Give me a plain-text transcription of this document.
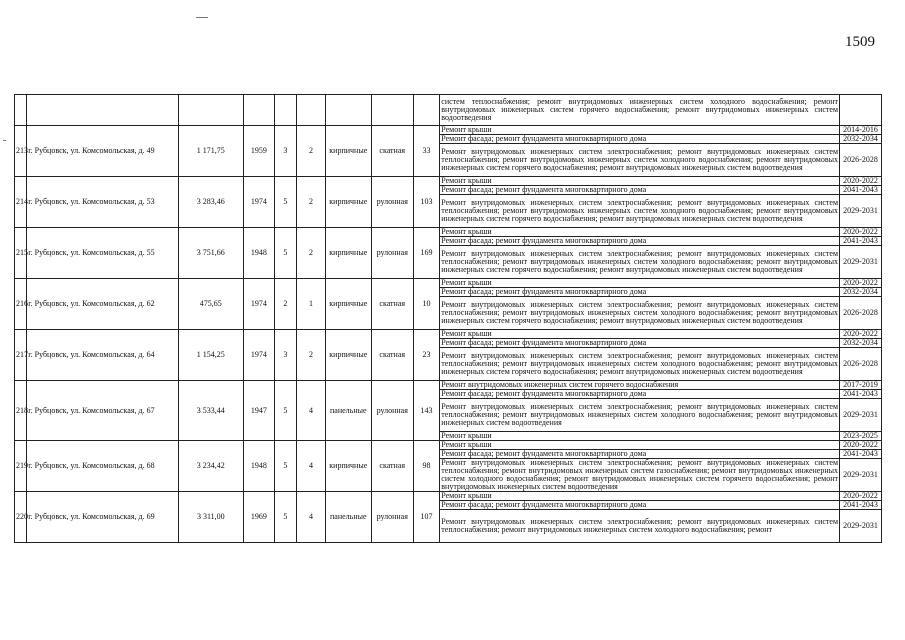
1509
									систем теплоснабжения; ремонт внутридомовых инженерных систем холодного водоснабжения; ремонт внутридомовых инженерных систем горячего водоснабжения; ремонт внутридомовых инженерных систем водоотведения	
213	г. Рубцовск, ул. Комсомольская, д. 49	1 171,75	1959	3	2	кирпичные	скатная	33	Ремонт крыши	2014-2016
									Ремонт фасада; ремонт фундамента многоквартирного дома	2032-2034
									Ремонт внутридомовых инженерных систем электроснабжения; ремонт внутридомовых инженерных систем теплоснабжения; ремонт внутридомовых инженерных систем холодного водоснабжения; ремонт внутридомовых инженерных систем горячего водоснабжения; ремонт внутридомовых инженерных систем водоотведения	2026-2028
214	г. Рубцовск, ул. Комсомольская, д. 53	3 283,46	1974	5	2	кирпичные	рулонная	103	Ремонт крыши	2020-2022
									Ремонт фасада; ремонт фундамента многоквартирного дома	2041-2043
									Ремонт внутридомовых инженерных систем электроснабжения; ремонт внутридомовых инженерных систем теплоснабжения; ремонт внутридомовых инженерных систем холодного водоснабжения; ремонт внутридомовых инженерных систем горячего водоснабжения; ремонт внутридомовых инженерных систем водоотведения	2029-2031
215	г. Рубцовск, ул. Комсомольская, д. 55	3 751,66	1948	5	2	кирпичные	рулонная	169	Ремонт крыши	2020-2022
									Ремонт фасада; ремонт фундамента многоквартирного дома	2041-2043
									Ремонт внутридомовых инженерных систем электроснабжения; ремонт внутридомовых инженерных систем теплоснабжения; ремонт внутридомовых инженерных систем холодного водоснабжения; ремонт внутридомовых инженерных систем горячего водоснабжения; ремонт внутридомовых инженерных систем водоотведения	2029-2031
216	г. Рубцовск, ул. Комсомольская, д. 62	475,65	1974	2	1	кирпичные	скатная	10	Ремонт крыши	2020-2022
									Ремонт фасада; ремонт фундамента многоквартирного дома	2032-2034
									Ремонт внутридомовых инженерных систем электроснабжения; ремонт внутридомовых инженерных систем теплоснабжения; ремонт внутридомовых инженерных систем холодного водоснабжения; ремонт внутридомовых инженерных систем горячего водоснабжения; ремонт внутридомовых инженерных систем водоотведения	2026-2028
217	г. Рубцовск, ул. Комсомольская, д. 64	1 154,25	1974	3	2	кирпичные	скатная	23	Ремонт крыши	2020-2022
									Ремонт фасада; ремонт фундамента многоквартирного дома	2032-2034
									Ремонт внутридомовых инженерных систем электроснабжения; ремонт внутридомовых инженерных систем теплоснабжения; ремонт внутридомовых инженерных систем холодного водоснабжения; ремонт внутридомовых инженерных систем горячего водоснабжения; ремонт внутридомовых инженерных систем водоотведения	2026-2028
218	г. Рубцовск, ул. Комсомольская, д. 67	3 533,44	1947	5	4	панельные	рулонная	143	Ремонт внутридомовых инженерных систем горячего водоснабжения	2017-2019
									Ремонт фасада; ремонт фундамента многоквартирного дома	2041-2043
									Ремонт внутридомовых инженерных систем электроснабжения; ремонт внутридомовых инженерных систем теплоснабжения; ремонт внутридомовых инженерных систем холодного водоснабжения; ремонт внутридомовых инженерных систем водоотведения	2029-2031
									Ремонт крыши	2023-2025
219	г. Рубцовск, ул. Комсомольская, д. 68	3 234,42	1948	5	4	кирпичные	скатная	98	Ремонт крыши	2020-2022
									Ремонт фасада; ремонт фундамента многоквартирного дома	2041-2043
									Ремонт внутридомовых инженерных систем электроснабжения; ремонт внутридомовых инженерных систем теплоснабжения; ремонт внутридомовых инженерных систем газоснабжения; ремонт внутридомовых инженерных систем холодного водоснабжения; ремонт внутридомовых инженерных систем горячего водоснабжения; ремонт внутридомовых инженерных систем водоотведения	2029-2031
220	г. Рубцовск, ул. Комсомольская, д. 69	3 311,00	1969	5	4	панельные	рулонная	107	Ремонт крыши	2020-2022
									Ремонт фасада; ремонт фундамента многоквартирного дома	2041-2043
									Ремонт внутридомовых инженерных систем электроснабжения; ремонт внутридомовых инженерных систем теплоснабжения; ремонт внутридомовых инженерных систем холодного водоснабжения; ремонт	2029-2031
